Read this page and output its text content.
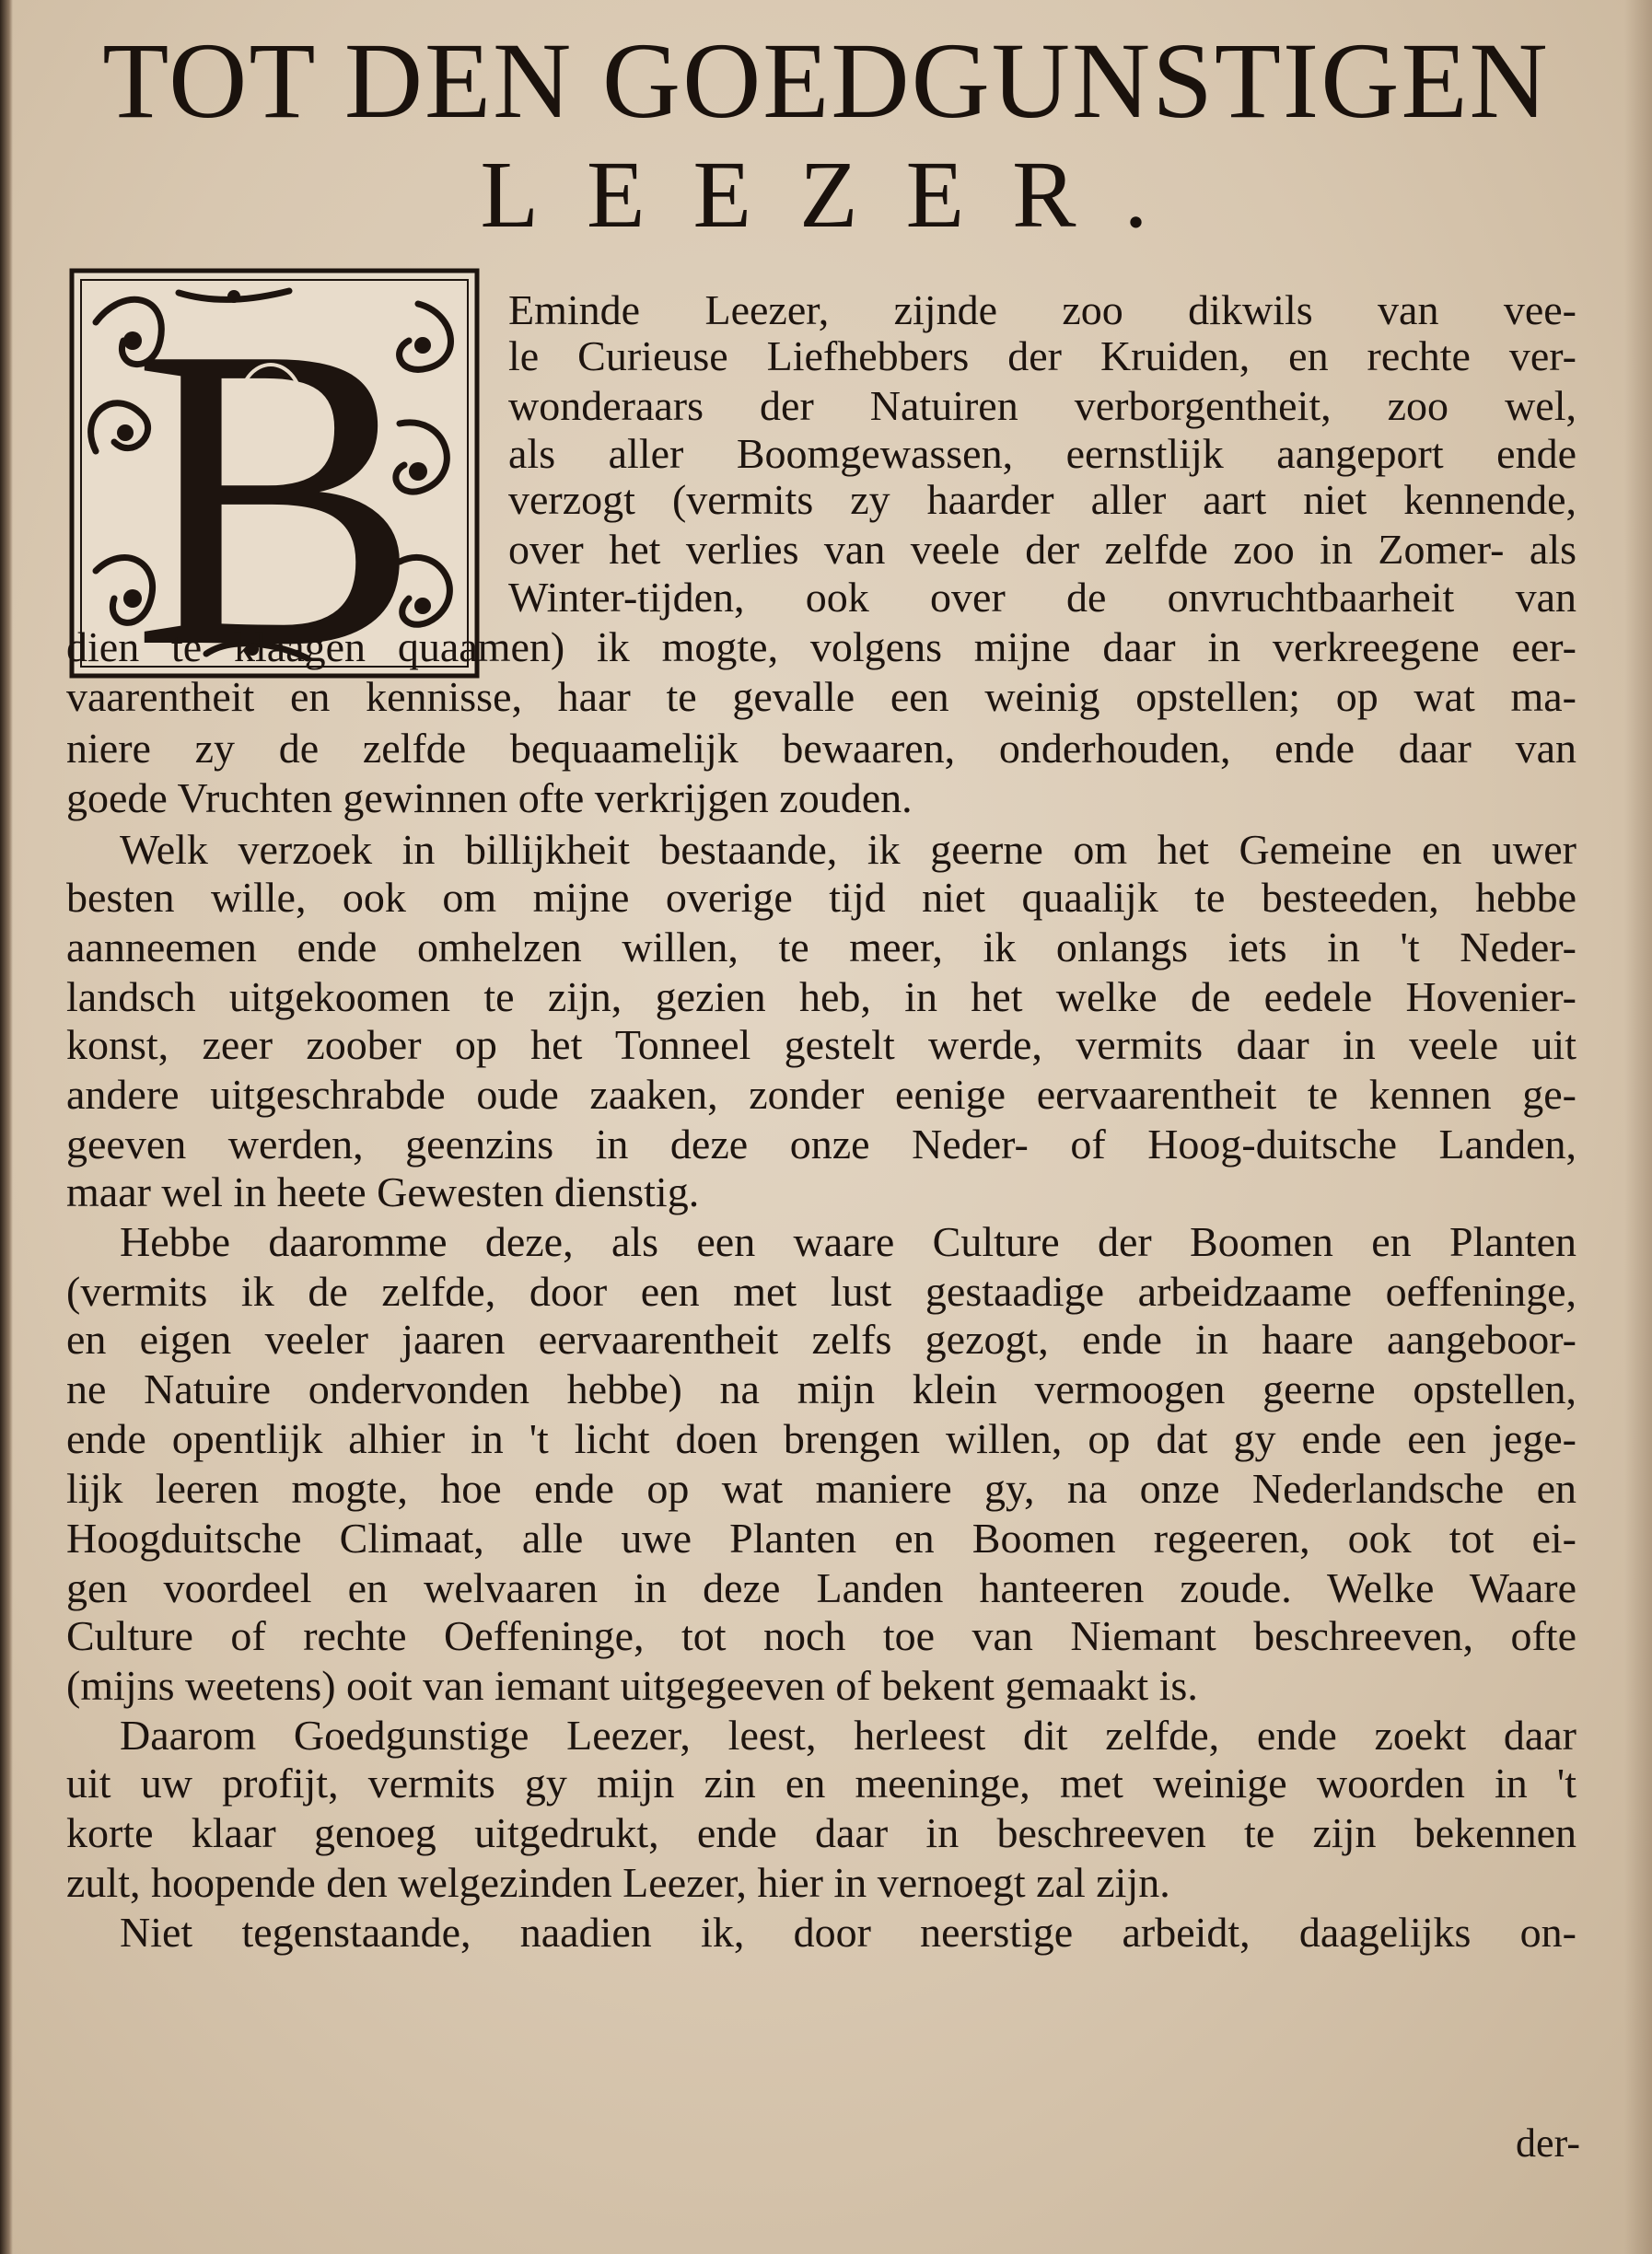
TOT DEN GOEDGUNSTIGEN
LEEZER.
B Eminde Leezer, zijnde zoo dikwils van vee-

le Curieuse Liefhebbers der Kruiden, en rechte ver-

wonderaars der Natuiren verborgentheit, zoo wel,

als aller Boomgewassen, eernstlijk aangeport ende

verzogt (vermits zy haarder aller aart niet kennende,

over het verlies van veele der zelfde zoo in Zomer- als

Winter-tijden, ook over de onvruchtbaarheit van

dien te klaagen quaamen) ik mogte, volgens mijne daar in verkreegene eer-

vaarentheit en kennisse, haar te gevalle een weinig opstellen; op wat ma-

niere zy de zelfde bequaamelijk bewaaren, onderhouden, ende daar van

goede Vruchten gewinnen ofte verkrijgen zouden.

Welk verzoek in billijkheit bestaande, ik geerne om het Gemeine en uwer

besten wille, ook om mijne overige tijd niet quaalijk te besteeden, hebbe

aanneemen ende omhelzen willen, te meer, ik onlangs iets in 't Neder-

landsch uitgekoomen te zijn, gezien heb, in het welke de eedele Hovenier-

konst, zeer zoober op het Tonneel gestelt werde, vermits daar in veele uit

andere uitgeschrabde oude zaaken, zonder eenige eervaarentheit te kennen ge-

geeven werden, geenzins in deze onze Neder- of Hoog-duitsche Landen,

maar wel in heete Gewesten dienstig.

Hebbe daaromme deze, als een waare Culture der Boomen en Planten

(vermits ik de zelfde, door een met lust gestaadige arbeidzaame oeffeninge,

en eigen veeler jaaren eervaarentheit zelfs gezogt, ende in haare aangeboor-

ne Natuire ondervonden hebbe) na mijn klein vermoogen geerne opstellen,

ende opentlijk alhier in 't licht doen brengen willen, op dat gy ende een jege-

lijk leeren mogte, hoe ende op wat maniere gy, na onze Nederlandsche en

Hoogduitsche Climaat, alle uwe Planten en Boomen regeeren, ook tot ei-

gen voordeel en welvaaren in deze Landen hanteeren zoude. Welke Waare

Culture of rechte Oeffeninge, tot noch toe van Niemant beschreeven, ofte

(mijns weetens) ooit van iemant uitgegeeven of bekent gemaakt is.

Daarom Goedgunstige Leezer, leest, herleest dit zelfde, ende zoekt daar

uit uw profijt, vermits gy mijn zin en meeninge, met weinige woorden in 't

korte klaar genoeg uitgedrukt, ende daar in beschreeven te zijn bekennen

zult, hoopende den welgezinden Leezer, hier in vernoegt zal zijn.

Niet tegenstaande, naadien ik, door neerstige arbeidt, daagelijks on-

der-
